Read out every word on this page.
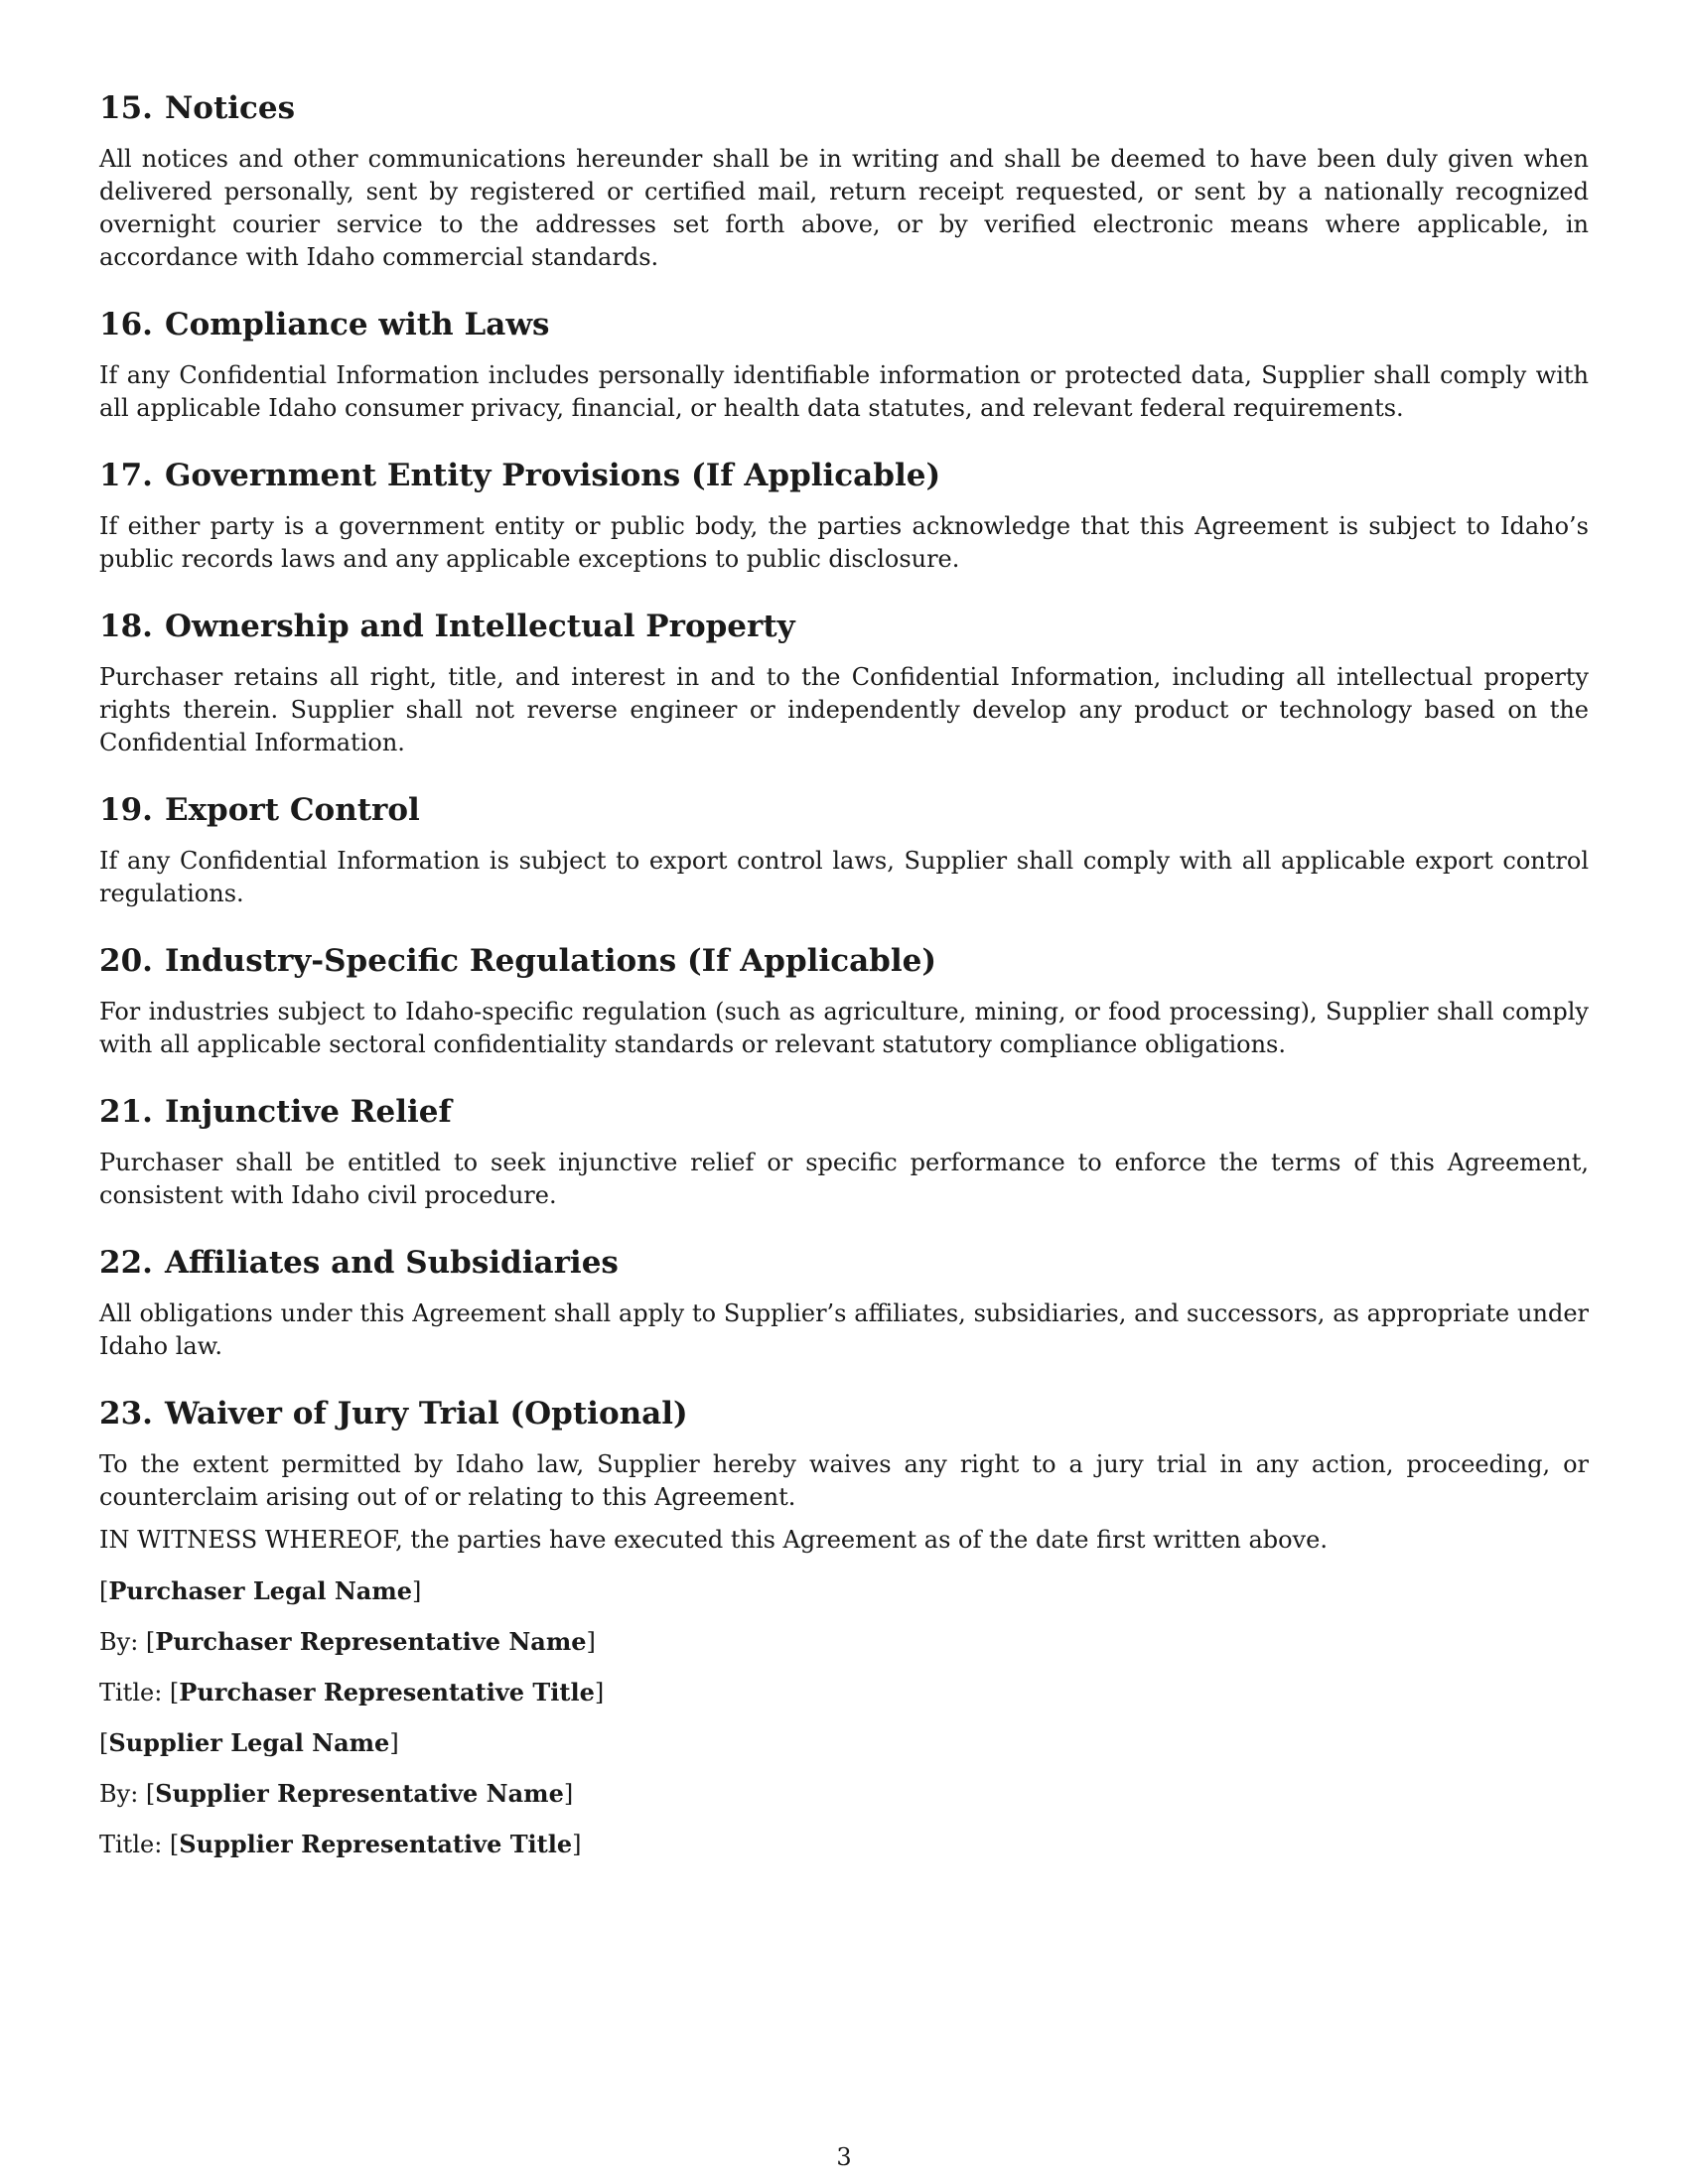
15. Notices

All notices and other communications hereunder shall be in writing and shall be deemed to have been duly given when delivered personally, sent by registered or certified mail, return receipt requested, or sent by a nationally recognized overnight courier service to the addresses set forth above, or by verified electronic means where applicable, in accordance with Idaho commercial standards.

16. Compliance with Laws

If any Confidential Information includes personally identifiable information or protected data, Supplier shall comply with all applicable Idaho consumer privacy, financial, or health data statutes, and relevant federal requirements.

17. Government Entity Provisions (If Applicable)

If either party is a government entity or public body, the parties acknowledge that this Agreement is subject to Idaho’s public records laws and any applicable exceptions to public disclosure.

18. Ownership and Intellectual Property

Purchaser retains all right, title, and interest in and to the Confidential Information, including all intellectual property rights therein. Supplier shall not reverse engineer or independently develop any product or technology based on the Confidential Information.

19. Export Control

If any Confidential Information is subject to export control laws, Supplier shall comply with all applicable export control regulations.

20. Industry-Specific Regulations (If Applicable)

For industries subject to Idaho-specific regulation (such as agriculture, mining, or food processing), Supplier shall comply with all applicable sectoral confidentiality standards or relevant statutory compliance obligations.

21. Injunctive Relief

Purchaser shall be entitled to seek injunctive relief or specific performance to enforce the terms of this Agreement, consistent with Idaho civil procedure.

22. Affiliates and Subsidiaries

All obligations under this Agreement shall apply to Supplier’s affiliates, subsidiaries, and successors, as appropriate under Idaho law.

23. Waiver of Jury Trial (Optional)

To the extent permitted by Idaho law, Supplier hereby waives any right to a jury trial in any action, proceeding, or counterclaim arising out of or relating to this Agreement.

IN WITNESS WHEREOF, the parties have executed this Agreement as of the date first written above.

[Purchaser Legal Name]

By: [Purchaser Representative Name]

Title: [Purchaser Representative Title]

[Supplier Legal Name]

By: [Supplier Representative Name]

Title: [Supplier Representative Title]

3
